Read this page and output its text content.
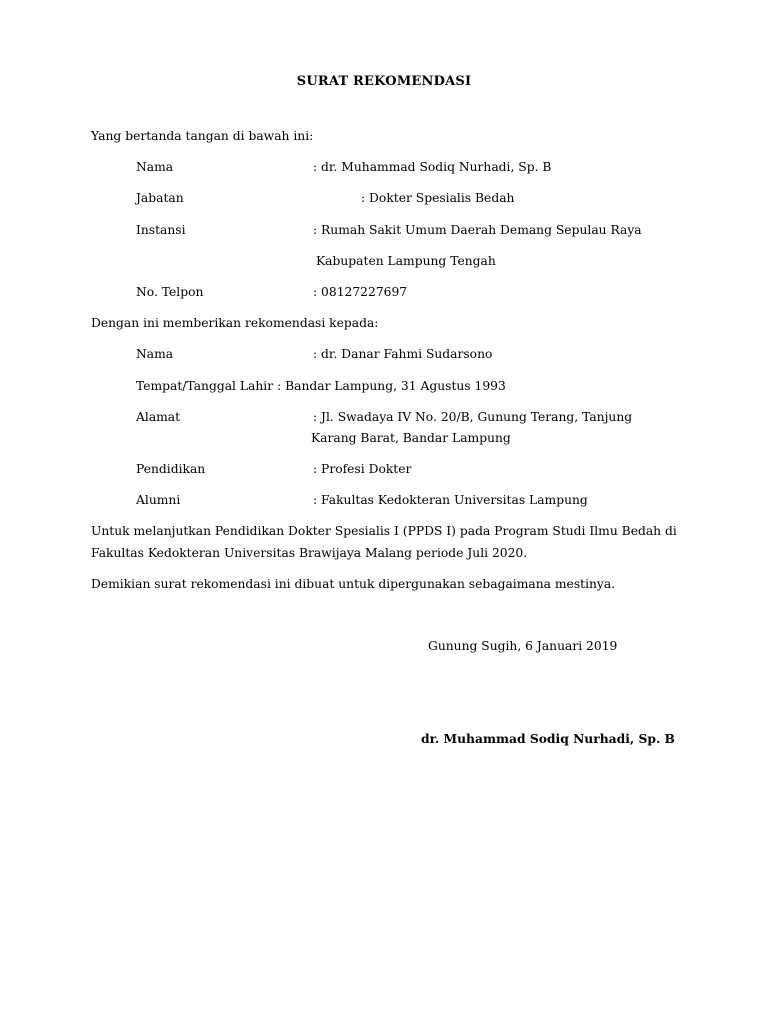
SURAT REKOMENDASI
Yang bertanda tangan di bawah ini:
Nama	: dr. Muhammad Sodiq Nurhadi, Sp. B
Jabatan	: Dokter Spesialis Bedah
Instansi	: Rumah Sakit Umum Daerah Demang Sepulau Raya
Kabupaten Lampung Tengah
No. Telpon	: 08127227697
Dengan ini memberikan rekomendasi kepada:
Nama	: dr. Danar Fahmi Sudarsono
Tempat/Tanggal Lahir : Bandar Lampung, 31 Agustus 1993
Alamat	: Jl. Swadaya IV No. 20/B, Gunung Terang, Tanjung
Karang Barat, Bandar Lampung
Pendidikan	: Profesi Dokter
Alumni	: Fakultas Kedokteran Universitas Lampung
Untuk melanjutkan Pendidikan Dokter Spesialis I (PPDS I) pada Program Studi Ilmu Bedah di
Fakultas Kedokteran Universitas Brawijaya Malang periode Juli 2020.
Demikian surat rekomendasi ini dibuat untuk dipergunakan sebagaimana mestinya.
Gunung Sugih, 6 Januari 2019
dr. Muhammad Sodiq Nurhadi, Sp. B
